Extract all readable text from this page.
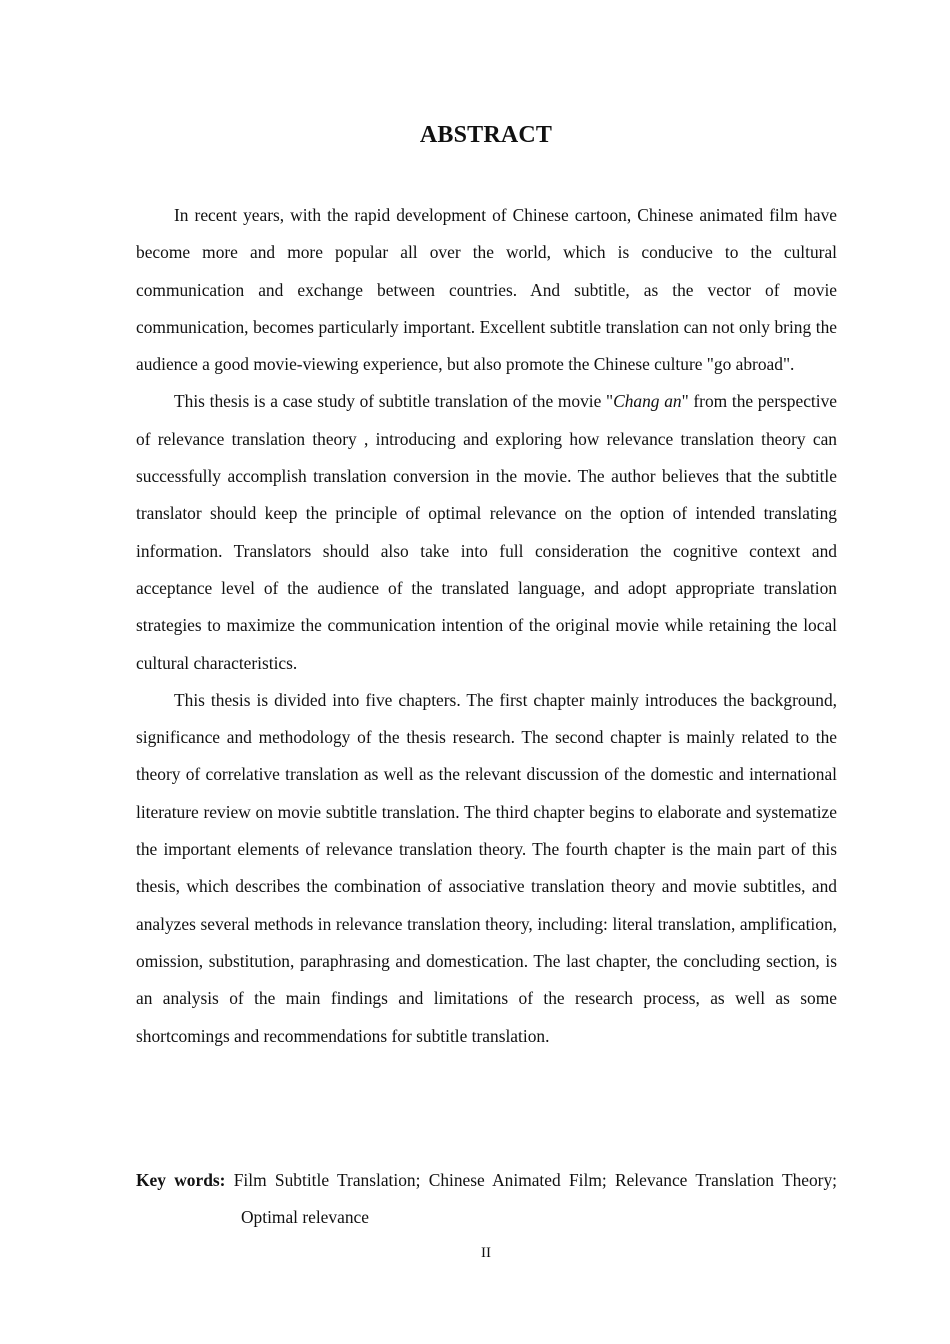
ABSTRACT

In recent years, with the rapid development of Chinese cartoon, Chinese animated film have become more and more popular all over the world, which is conducive to the cultural communication and exchange between countries. And subtitle, as the vector of movie communication, becomes particularly important. Excellent subtitle translation can not only bring the audience a good movie-viewing experience, but also promote the Chinese culture "go abroad".

This thesis is a case study of subtitle translation of the movie "Chang an" from the perspective of relevance translation theory , introducing and exploring how relevance translation theory can successfully accomplish translation conversion in the movie. The author believes that the subtitle translator should keep the principle of optimal relevance on the option of intended translating information. Translators should also take into full consideration the cognitive context and acceptance level of the audience of the translated language, and adopt appropriate translation strategies to maximize the communication intention of the original movie while retaining the local cultural characteristics.

This thesis is divided into five chapters. The first chapter mainly introduces the background, significance and methodology of the thesis research. The second chapter is mainly related to the theory of correlative translation as well as the relevant discussion of the domestic and international literature review on movie subtitle translation. The third chapter begins to elaborate and systematize the important elements of relevance translation theory. The fourth chapter is the main part of this thesis, which describes the combination of associative translation theory and movie subtitles, and analyzes several methods in relevance translation theory, including: literal translation, amplification, omission, substitution, paraphrasing and domestication. The last chapter, the concluding section, is an analysis of the main findings and limitations of the research process, as well as some shortcomings and recommendations for subtitle translation.

Key words: Film Subtitle Translation; Chinese Animated Film; Relevance Translation Theory; Optimal relevance
II
